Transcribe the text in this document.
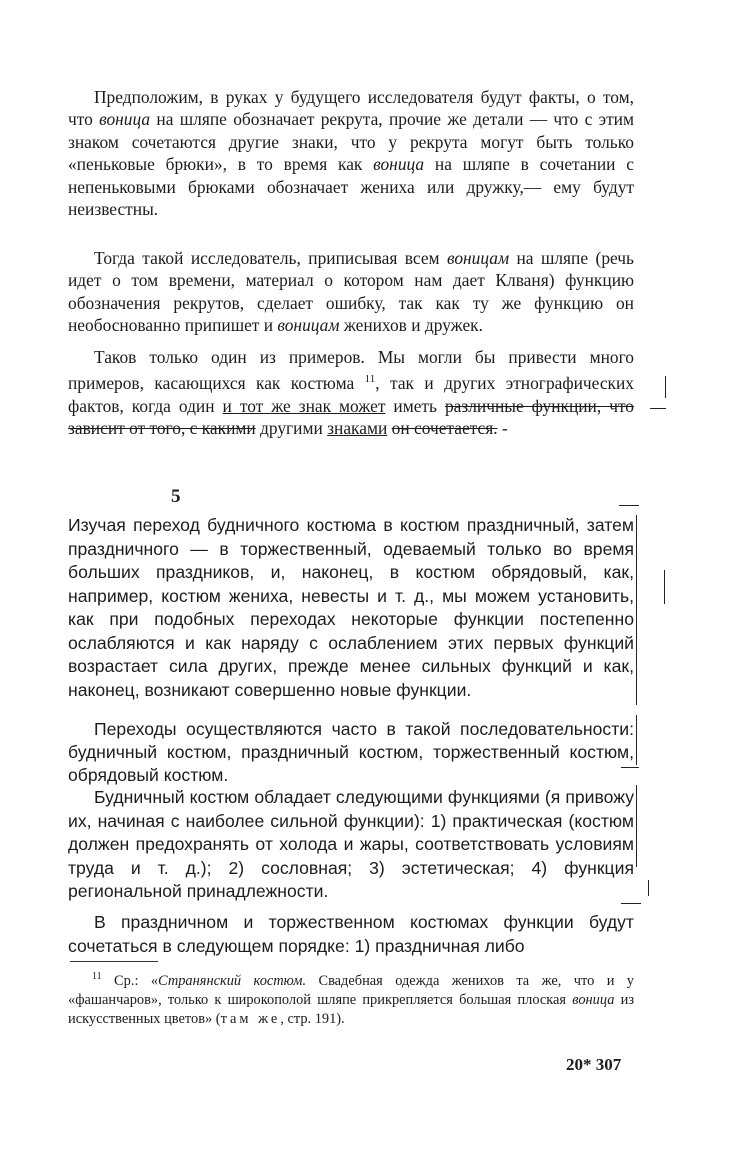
Предположим, в руках у будущего исследователя будут факты, о том, что воница на шляпе обозначает рекрута, прочие же детали — что с этим знаком сочетаются другие знаки, что у рекрута могут быть только «пеньковые брюки», в то время как воница на шляпе в сочетании с непеньковыми брюками обозначает жениха или дружку,— ему будут неизвестны.

Тогда такой исследователь, приписывая всем воницам на шляпе (речь идет о том времени, материал о котором нам дает Клваня) функцию обозначения рекрутов, сделает ошибку, так как ту же функцию он необоснованно припишет и воницам женихов и дружек.

Таков только один из примеров. Мы могли бы привести много примеров, касающихся как костюма $^{11}$, так и других этнографических фактов, когда один и тот же знак может иметь различные функции, что зависит от того, с какими другими знаками он сочетается. -

5

Изучая переход будничного костюма в костюм праздничный, затем праздничного — в торжественный, одеваемый только во время больших праздников, и, наконец, в костюм обрядовый, как, например, костюм жениха, невесты и т. д., мы можем установить, как при подобных переходах некоторые функции постепенно ослабляются и как наряду с ослаблением этих первых функций возрастает сила других, прежде менее сильных функций и как, наконец, возникают совершенно новые функции.

Переходы осуществляются часто в такой последовательности: будничный костюм, праздничный костюм, торжественный костюм, обрядовый костюм.

Будничный костюм обладает следующими функциями (я привожу их, начиная с наиболее сильной функции): 1) практическая (костюм должен предохранять от холода и жары, соответствовать условиям труда и т. д.); 2) сословная; 3) эстетическая; 4) функция региональной принадлежности.

В праздничном и торжественном костюмах функции будут сочетаться в следующем порядке: 1) праздничная либо

$^{11}$ Ср.: «Странянский костюм. Свадебная одежда женихов та же, что и у «фашанчаров», только к широкополой шляпе прикрепляется большая плоская воница из искусственных цветов» (там же, стр. 191).

20* 307
